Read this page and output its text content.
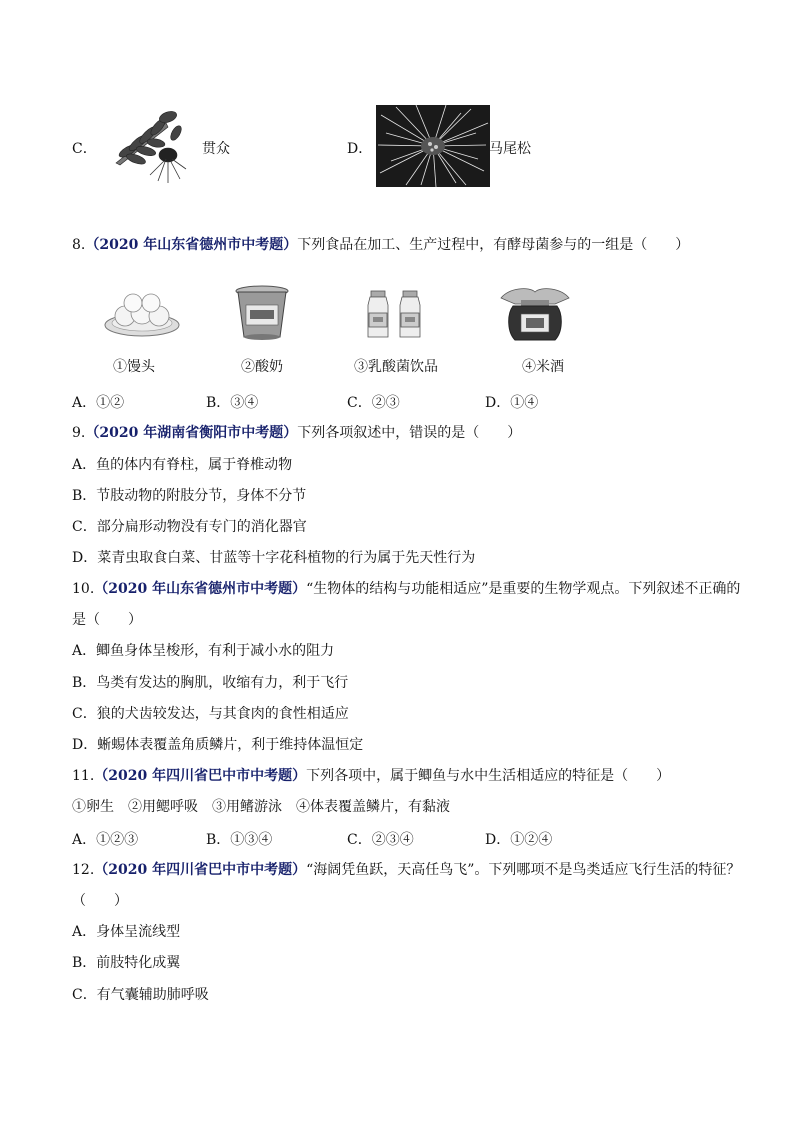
C．	贯众	D．	马尾松
8.（2020 年山东省德州市中考题）下列食品在加工、生产过程中，有酵母菌参与的一组是（　　）
①馒头	②酸奶	③乳酸菌饮品	④米酒
A．①②	B．③④	C．②③	D．①④
9.（2020 年湖南省衡阳市中考题）下列各项叙述中，错误的是（　　）
A．鱼的体内有脊柱，属于脊椎动物
B．节肢动物的附肢分节，身体不分节
C．部分扁形动物没有专门的消化器官
D．菜青虫取食白菜、甘蓝等十字花科植物的行为属于先天性行为
10.（2020 年山东省德州市中考题）“生物体的结构与功能相适应”是重要的生物学观点。下列叙述不正确的
是（　　）
A．鲫鱼身体呈梭形，有利于减小水的阻力
B．鸟类有发达的胸肌，收缩有力，利于飞行
C．狼的犬齿较发达，与其食肉的食性相适应
D．蜥蜴体表覆盖角质鳞片，利于维持体温恒定
11.（2020 年四川省巴中市中考题）下列各项中，属于鲫鱼与水中生活相适应的特征是（　　）
①卵生　②用鳃呼吸　③用鳍游泳　④体表覆盖鳞片，有黏液
A．①②③	B．①③④	C．②③④	D．①②④
12.（2020 年四川省巴中市中考题）“海阔凭鱼跃，天高任鸟飞”。下列哪项不是鸟类适应飞行生活的特征？
（　　）
A．身体呈流线型
B．前肢特化成翼
C．有气囊辅助肺呼吸
